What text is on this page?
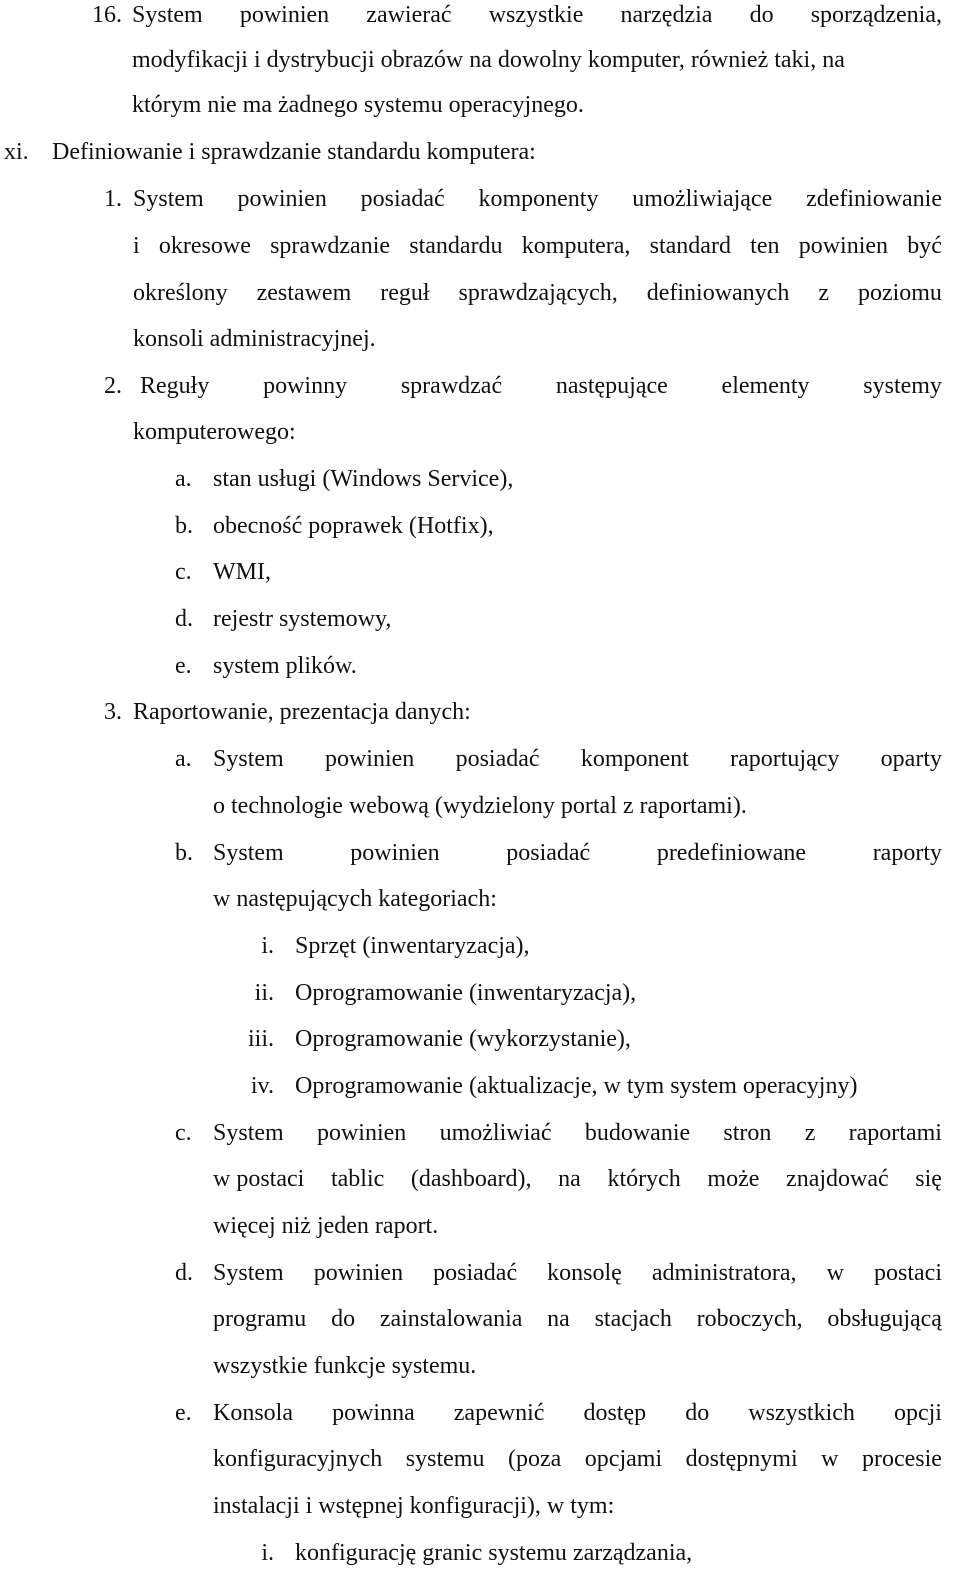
16. System powinien zawierać wszystkie narzędzia do sporządzenia,
modyfikacji i dystrybucji obrazów na dowolny komputer, również taki, na
którym nie ma żadnego systemu operacyjnego.
xi. Definiowanie i sprawdzanie standardu komputera:
1. System powinien posiadać komponenty umożliwiające zdefiniowanie
i okresowe sprawdzanie standardu komputera, standard ten powinien być
określony zestawem reguł sprawdzających, definiowanych z poziomu
konsoli administracyjnej.
2. Reguły powinny sprawdzać następujące elementy systemy
komputerowego:
a. stan usługi (Windows Service),
b. obecność poprawek (Hotfix),
c. WMI,
d. rejestr systemowy,
e. system plików.
3. Raportowanie, prezentacja danych:
a. System powinien posiadać komponent raportujący oparty
o technologie webową (wydzielony portal z raportami).
b. System	powinien	posiadać	predefiniowane	raporty
w następujących kategoriach:
i. Sprzęt (inwentaryzacja),
ii. Oprogramowanie (inwentaryzacja),
iii. Oprogramowanie (wykorzystanie),
iv. Oprogramowanie (aktualizacje, w tym system operacyjny)
c. System powinien umożliwiać budowanie stron z raportami
w postaci tablic (dashboard), na których może znajdować się
więcej niż jeden raport.
d. System powinien posiadać konsolę administratora, w postaci
programu do zainstalowania na stacjach roboczych, obsługującą
wszystkie funkcje systemu.
e. Konsola powinna zapewnić dostęp do wszystkich opcji
konfiguracyjnych systemu (poza opcjami dostępnymi w procesie
instalacji i wstępnej konfiguracji), w tym:
i. konfigurację granic systemu zarządzania,
